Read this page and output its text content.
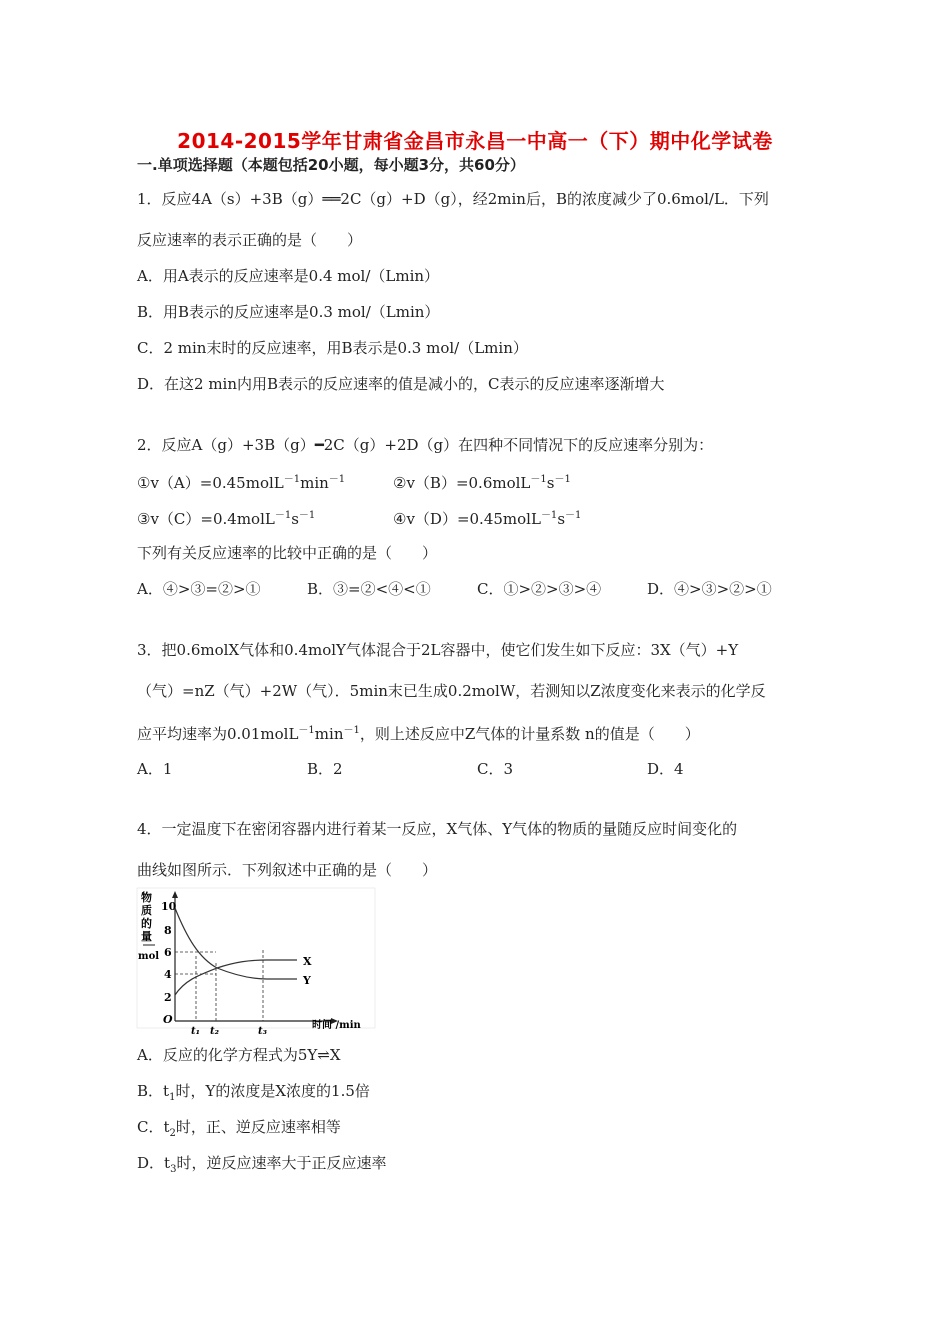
2014-2015学年甘肃省金昌市永昌一中高一（下）期中化学试卷
一.单项选择题（本题包括20小题，每小题3分，共60分）
1．反应4A（s）+3B（g）══2C（g）+D（g），经2min后，B的浓度减少了0.6mol/L．下列
反应速率的表示正确的是（　　）
A．用A表示的反应速率是0.4 mol/（Lmin）
B．用B表示的反应速率是0.3 mol/（Lmin）
C．2 min末时的反应速率，用B表示是0.3 mol/（Lmin）
D．在这2 min内用B表示的反应速率的值是减小的，C表示的反应速率逐渐增大
2．反应A（g）+3B（g）━2C（g）+2D（g）在四种不同情况下的反应速率分别为：
$①v(A)=0.45molL^{-1}\min^{-1}$	$②v(B)=0.6molL^{-1}s^{-1}$
$③v(C)=0.4molL^{-1}s^{-1}$	$④v(D)=0.45molL^{-1}s^{-1}$
下列有关反应速率的比较中正确的是（　　）
A．④>③=②>①	B．③=②<④<①	C．①>②>③>④	D．④>③>②>①
3．把0.6molX气体和0.4molY气体混合于2L容器中，使它们发生如下反应：3X（气）+Y
（气）=nZ（气）+2W（气）．5min末已生成0.2molW，若测知以Z浓度变化来表示的化学反
应平均速率为$0.01molL^{-1}\min^{-1}$，则上述反应中Z气体的计量系数 n的值是（　　）
A．1	B．2	C．3	D．4
4．一定温度下在密闭容器内进行着某一反应，X气体、Y气体的物质的量随反应时间变化的
曲线如图所示．下列叙述中正确的是（　　）
物
质
的
量
mol
10
8
6
4
2
O
X
Y
t₁ t₂	t₃
时间 /min
A．反应的化学方程式为5Y⇌X
B．$t_1$时，Y的浓度是X浓度的1.5倍
C．$t_2$时，正、逆反应速率相等
D．$t_3$时，逆反应速率大于正反应速率
